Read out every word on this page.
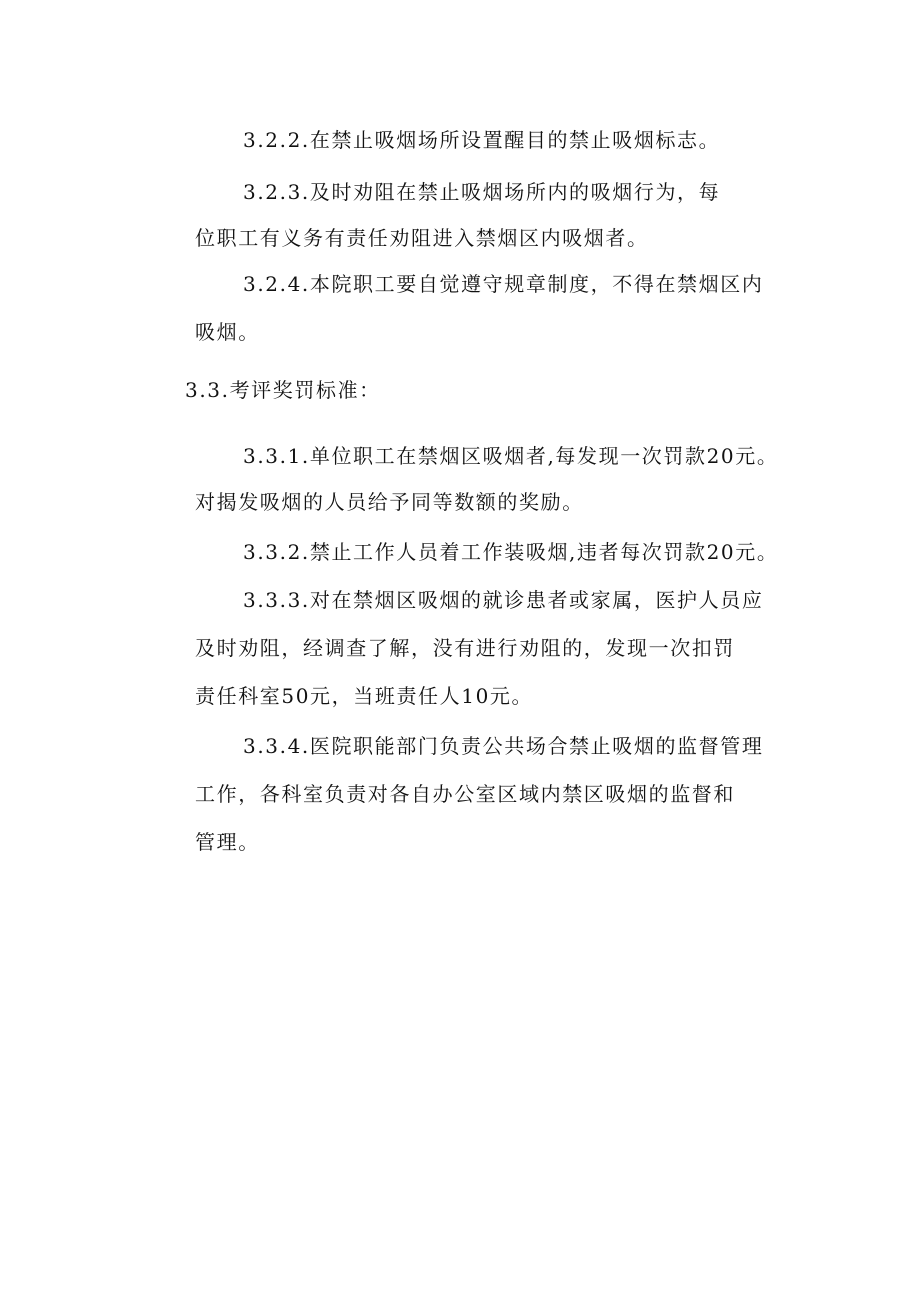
3.2.2.在禁止吸烟场所设置醒目的禁止吸烟标志。
3.2.3.及时劝阻在禁止吸烟场所内的吸烟行为，每
位职工有义务有责任劝阻进入禁烟区内吸烟者。
3.2.4.本院职工要自觉遵守规章制度，不得在禁烟区内
吸烟。
3.3.考评奖罚标准：
3.3.1.单位职工在禁烟区吸烟者,每发现一次罚款20元。
对揭发吸烟的人员给予同等数额的奖励。
3.3.2.禁止工作人员着工作装吸烟,违者每次罚款20元。
3.3.3.对在禁烟区吸烟的就诊患者或家属，医护人员应
及时劝阻，经调查了解，没有进行劝阻的，发现一次扣罚
责任科室50元，当班责任人10元。
3.3.4.医院职能部门负责公共场合禁止吸烟的监督管理
工作，各科室负责对各自办公室区域内禁区吸烟的监督和
管理。
